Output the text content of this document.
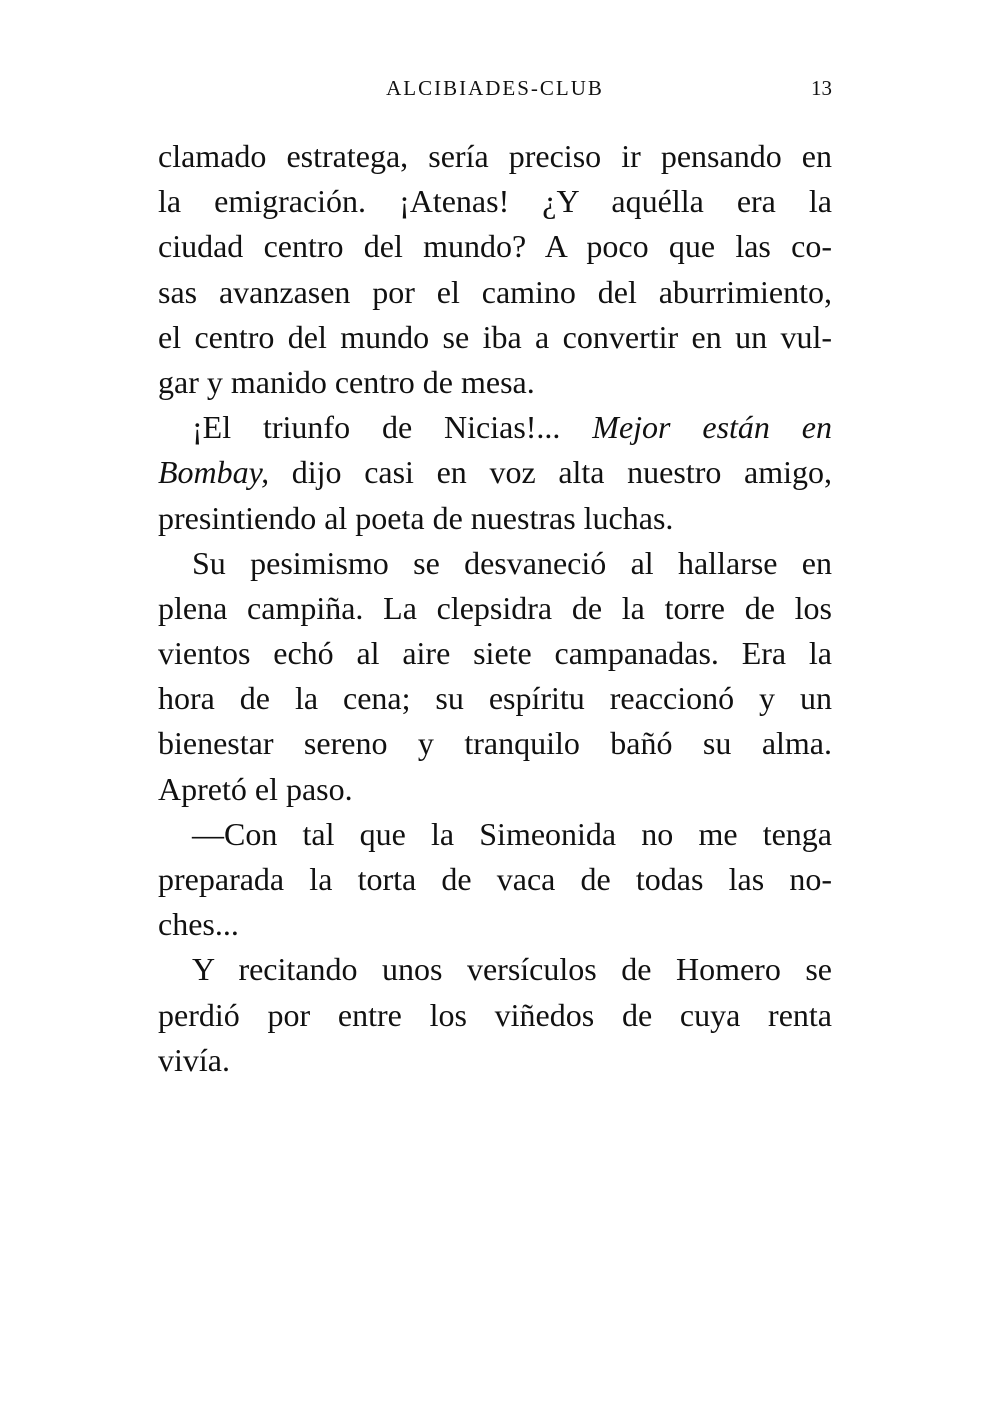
ALCIBIADES-CLUB	13
clamado estratega, sería preciso ir pensando en
la emigración. ¡Atenas! ¿Y aquélla era la
ciudad centro del mundo? A poco que las co-
sas avanzasen por el camino del aburrimiento,
el centro del mundo se iba a convertir en un vul-
gar y manido centro de mesa.
¡El triunfo de Nicias!... Mejor están en
Bombay, dijo casi en voz alta nuestro amigo,
presintiendo al poeta de nuestras luchas.
Su pesimismo se desvaneció al hallarse en
plena campiña. La clepsidra de la torre de los
vientos echó al aire siete campanadas. Era la
hora de la cena; su espíritu reaccionó y un
bienestar sereno y tranquilo bañó su alma.
Apretó el paso.
—Con tal que la Simeonida no me tenga
preparada la torta de vaca de todas las no-
ches...
Y recitando unos versículos de Homero se
perdió por entre los viñedos de cuya renta
vivía.
